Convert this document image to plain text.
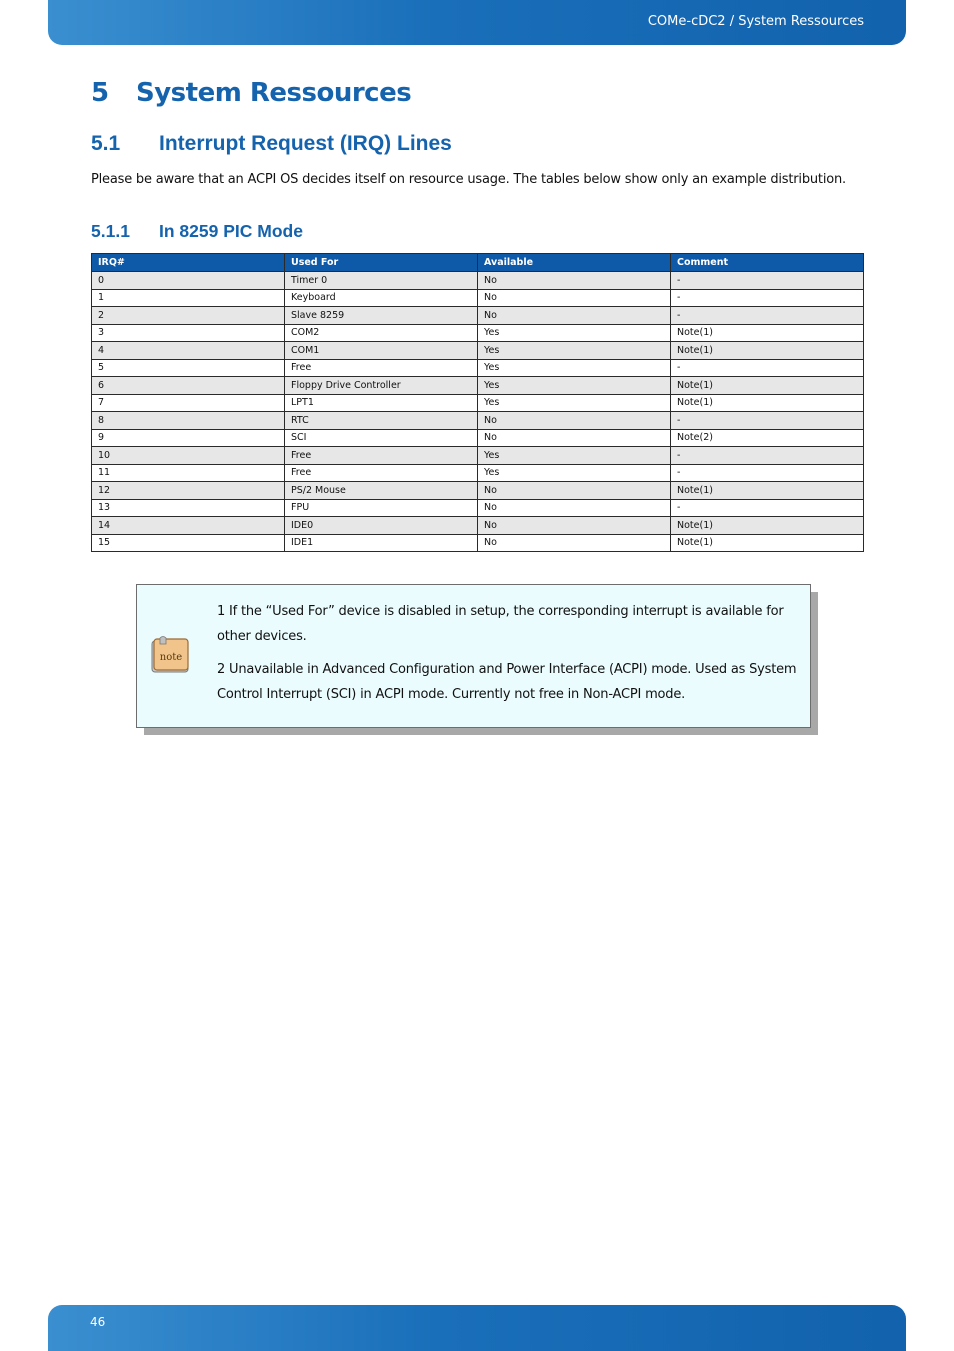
COMe-cDC2 / System Ressources
5 System Ressources
5.1 Interrupt Request (IRQ) Lines

Please be aware that an ACPI OS decides itself on resource usage. The tables below show only an example distribution.

5.1.1 In 8259 PIC Mode
IRQ#	Used For	Available	Comment
0	Timer 0	No	-
1	Keyboard	No	-
2	Slave 8259	No	-
3	COM2	Yes	Note(1)
4	COM1	Yes	Note(1)
5	Free	Yes	-
6	Floppy Drive Controller	Yes	Note(1)
7	LPT1	Yes	Note(1)
8	RTC	No	-
9	SCI	No	Note(2)
10	Free	Yes	-
11	Free	Yes	-
12	PS/2 Mouse	No	Note(1)
13	FPU	No	-
14	IDE0	No	Note(1)
15	IDE1	No	Note(1)
note

1 If the “Used For” device is disabled in setup, the corresponding interrupt is available for other devices.

2 Unavailable in Advanced Configuration and Power Interface (ACPI) mode. Used as System Control Interrupt (SCI) in ACPI mode. Currently not free in Non-ACPI mode.

46
